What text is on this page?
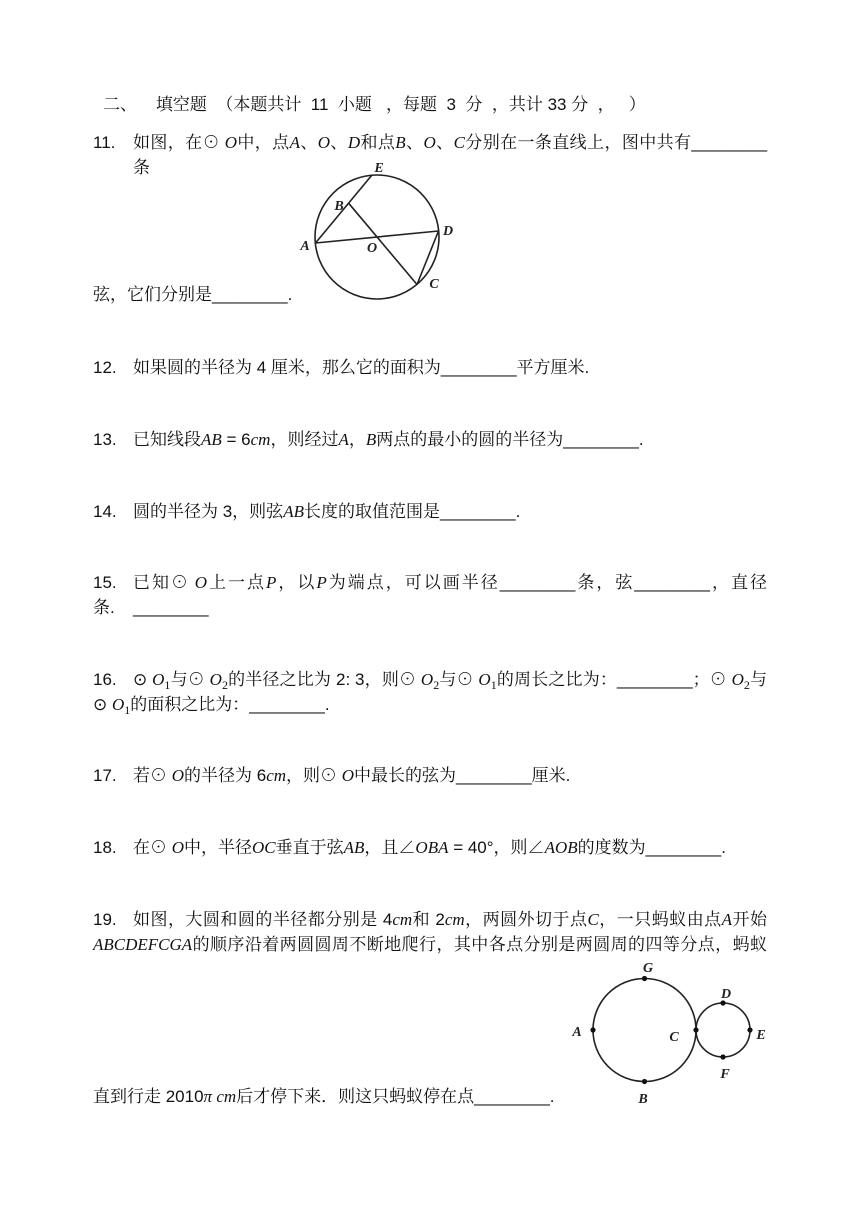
二、    填空题  （本题共计  11  小题   ，每题  3  分  ，共计 33 分  ，   ）
11. 如图，在⊙ O中，点A、O、D和点B、O、C分别在一条直线上，图中共有________条	E
B
A	O
D
C
弦，它们分别是________.
12. 如果圆的半径为 4 厘米，那么它的面积为________平方厘米.
13. 已知线段AB = 6cm，则经过A，B两点的最小的圆的半径为________.
14. 圆的半径为 3，则弦AB长度的取值范围是________.
15. 已知⊙ O上一点P，以P为端点，可以画半径________条，弦________，直径________
条.
16. ⊙ $O_1$与⊙ $O_2$的半径之比为 2: 3，则⊙ $O_2$与⊙ $O_1$的周长之比为：________；⊙ $O_2$与
⊙ $O_1$的面积之比为：________.
17. 若⊙ O的半径为 6cm，则⊙ O中最长的弦为________厘米.
18. 在⊙ O中，半径OC垂直于弦AB，且∠OBA = 40°，则∠AOB的度数为________.
19. 如图，大圆和圆的半径都分别是 4cm和 2cm，两圆外切于点C，一只蚂蚁由点A开始
ABCDEFCGA的顺序沿着两圆圆周不断地爬行，其中各点分别是两圆周的四等分点，蚂蚁
G
A	C
B
D
E
F
直到行走 2010π cm后才停下来．则这只蚂蚁停在点________.
